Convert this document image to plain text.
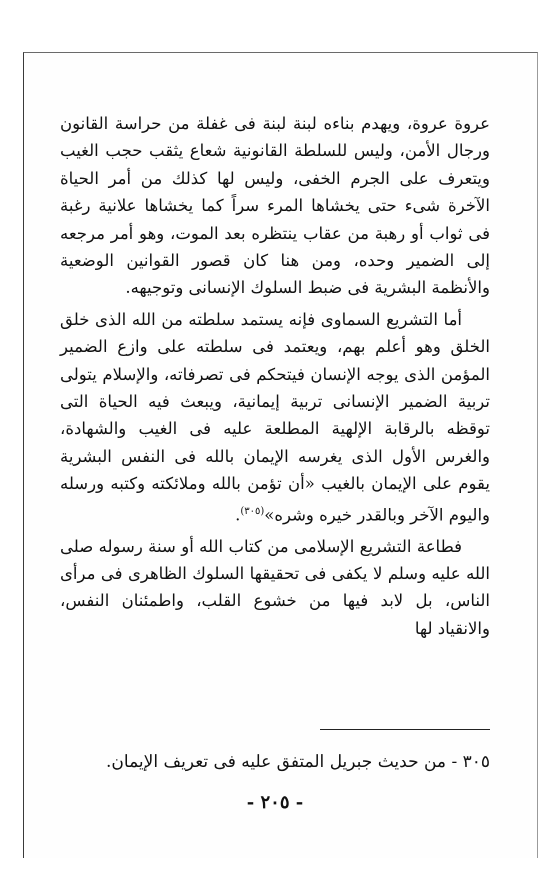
عروة عروة، ويهدم بناءه لبنة لبنة فى غفلة من حراسة القانون ورجال الأمن، وليس للسلطة القانونية شعاع يثقب حجب الغيب ويتعرف على الجرم الخفى، وليس لها كذلك من أمر الحياة الآخرة شىء حتى يخشاها المرء سراً كما يخشاها علانية رغبة فى ثواب أو رهبة من عقاب ينتظره بعد الموت، وهو أمر مرجعه إلى الضمير وحده، ومن هنا كان قصور القوانين الوضعية والأنظمة البشرية فى ضبط السلوك الإنسانى وتوجيهه.

أما التشريع السماوى فإنه يستمد سلطته من الله الذى خلق الخلق وهو أعلم بهم، ويعتمد فى سلطته على وازع الضمير المؤمن الذى يوجه الإنسان فيتحكم فى تصرفاته، والإسلام يتولى تربية الضمير الإنسانى تربية إيمانية، ويبعث فيه الحياة التى توقظه بالرقابة الإلهية المطلعة عليه فى الغيب والشهادة، والغرس الأول الذى يغرسه الإيمان بالله فى النفس البشرية يقوم على الإيمان بالغيب «أن تؤمن بالله وملائكته وكتبه ورسله واليوم الآخر وبالقدر خيره وشره»$^{(٣٠٥)}$.

فطاعة التشريع الإسلامى من كتاب الله أو سنة رسوله صلى الله عليه وسلم لا يكفى فى تحقيقها السلوك الظاهرى فى مرأى الناس، بل لابد فيها من خشوع القلب، واطمئنان النفس، والانقياد لها

٣٠٥ - من حديث جبريل المتفق عليه فى تعريف الإيمان.
- ٢٠٥ -
